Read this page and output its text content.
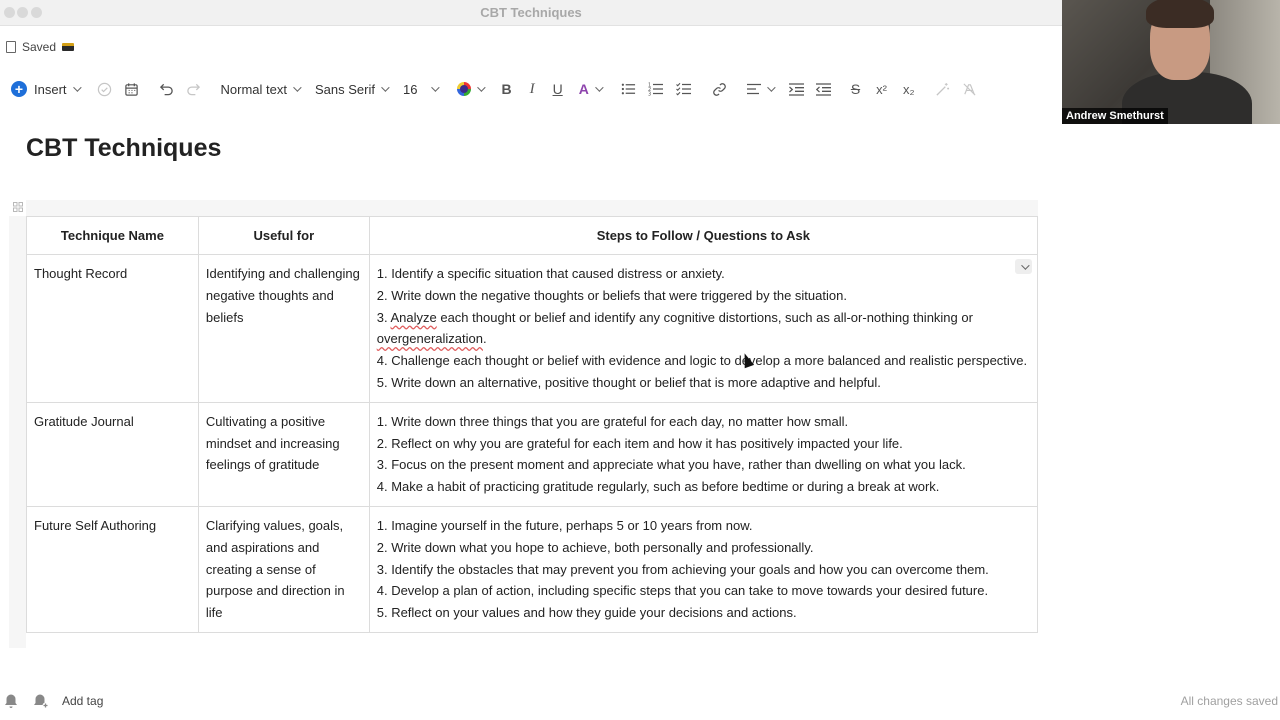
CBT Techniques
Saved
+ Insert	Normal text Sans Serif 16	B I U A	1
2
3	S x² x₂
Andrew Smethurst
CBT Techniques
Technique Name	Useful for	Steps to Follow / Questions to Ask
Thought Record	Identifying and challenging negative thoughts and beliefs	1. Identify a specific situation that caused distress or anxiety.
2. Write down the negative thoughts or beliefs that were triggered by the situation.
3. Analyze each thought or belief and identify any cognitive distortions, such as all-or-nothing thinking or overgeneralization.
4. Challenge each thought or belief with evidence and logic to develop a more balanced and realistic perspective.
5. Write down an alternative, positive thought or belief that is more adaptive and helpful.

Gratitude Journal	Cultivating a positive mindset and increasing feelings of gratitude	1. Write down three things that you are grateful for each day, no matter how small.
2. Reflect on why you are grateful for each item and how it has positively impacted your life.
3. Focus on the present moment and appreciate what you have, rather than dwelling on what you lack.
4. Make a habit of practicing gratitude regularly, such as before bedtime or during a break at work.

Future Self Authoring	Clarifying values, goals, and aspirations and creating a sense of purpose and direction in life	1. Imagine yourself in the future, perhaps 5 or 10 years from now.
2. Write down what you hope to achieve, both personally and professionally.
3. Identify the obstacles that may prevent you from achieving your goals and how you can overcome them.
4. Develop a plan of action, including specific steps that you can take to move towards your desired future.
5. Reflect on your values and how they guide your decisions and actions.
Add tag	All changes saved
